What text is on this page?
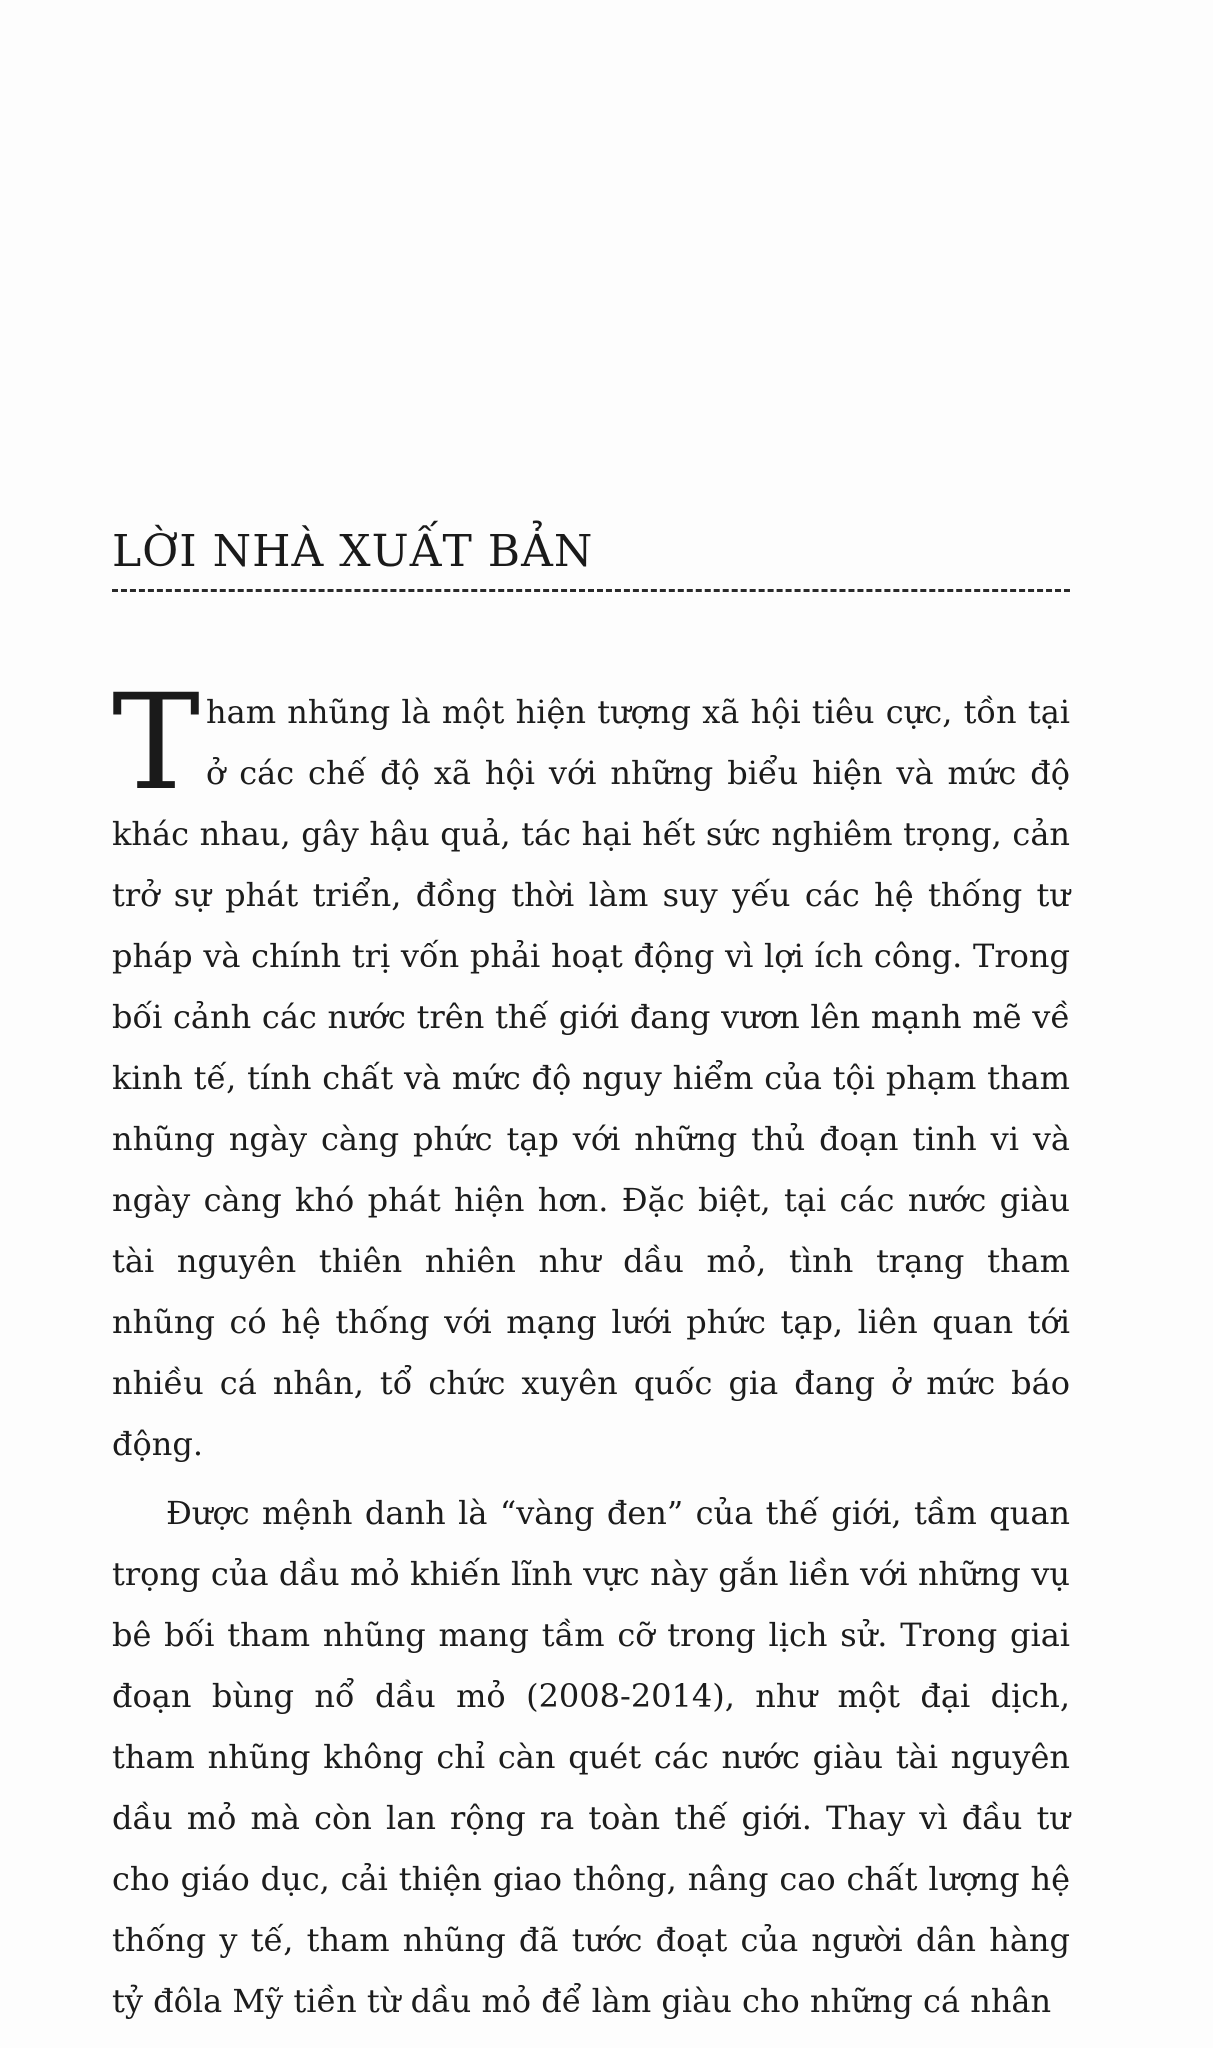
LỜI NHÀ XUẤT BẢN

Tham nhũng là một hiện tượng xã hội tiêu cực, tồn tại ở các chế độ xã hội với những biểu hiện và mức độ khác nhau, gây hậu quả, tác hại hết sức nghiêm trọng, cản trở sự phát triển, đồng thời làm suy yếu các hệ thống tư pháp và chính trị vốn phải hoạt động vì lợi ích công. Trong bối cảnh các nước trên thế giới đang vươn lên mạnh mẽ về kinh tế, tính chất và mức độ nguy hiểm của tội phạm tham nhũng ngày càng phức tạp với những thủ đoạn tinh vi và ngày càng khó phát hiện hơn. Đặc biệt, tại các nước giàu tài nguyên thiên nhiên như dầu mỏ, tình trạng tham nhũng có hệ thống với mạng lưới phức tạp, liên quan tới nhiều cá nhân, tổ chức xuyên quốc gia đang ở mức báo động.

Được mệnh danh là “vàng đen” của thế giới, tầm quan trọng của dầu mỏ khiến lĩnh vực này gắn liền với những vụ bê bối tham nhũng mang tầm cỡ trong lịch sử. Trong giai đoạn bùng nổ dầu mỏ (2008-2014), như một đại dịch, tham nhũng không chỉ càn quét các nước giàu tài nguyên dầu mỏ mà còn lan rộng ra toàn thế giới. Thay vì đầu tư cho giáo dục, cải thiện giao thông, nâng cao chất lượng hệ thống y tế, tham nhũng đã tước đoạt của người dân hàng tỷ đôla Mỹ tiền từ dầu mỏ để làm giàu cho những cá nhân
